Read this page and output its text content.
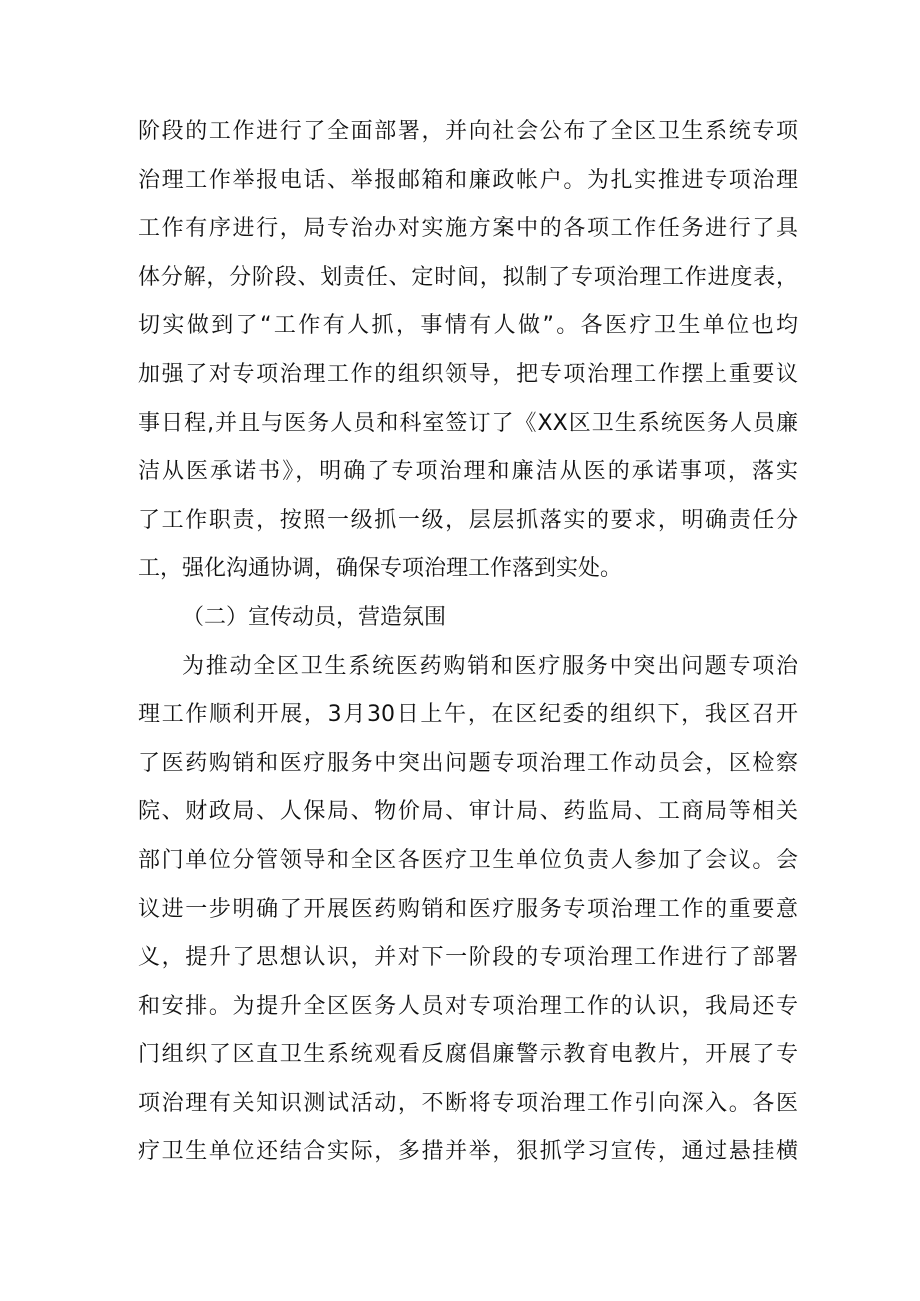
阶段的工作进行了全面部署，并向社会公布了全区卫生系统专项
治理工作举报电话、举报邮箱和廉政帐户。为扎实推进专项治理
工作有序进行，局专治办对实施方案中的各项工作任务进行了具
体分解，分阶段、划责任、定时间，拟制了专项治理工作进度表，
切实做到了“工作有人抓，事情有人做”。各医疗卫生单位也均
加强了对专项治理工作的组织领导，把专项治理工作摆上重要议
事日程,并且与医务人员和科室签订了《XX区卫生系统医务人员廉
洁从医承诺书》，明确了专项治理和廉洁从医的承诺事项，落实
了工作职责，按照一级抓一级，层层抓落实的要求，明确责任分
工，强化沟通协调，确保专项治理工作落到实处。
（二）宣传动员，营造氛围
为推动全区卫生系统医药购销和医疗服务中突出问题专项治
理工作顺利开展，3月30日上午，在区纪委的组织下，我区召开
了医药购销和医疗服务中突出问题专项治理工作动员会，区检察
院、财政局、人保局、物价局、审计局、药监局、工商局等相关
部门单位分管领导和全区各医疗卫生单位负责人参加了会议。会
议进一步明确了开展医药购销和医疗服务专项治理工作的重要意
义，提升了思想认识，并对下一阶段的专项治理工作进行了部署
和安排。为提升全区医务人员对专项治理工作的认识，我局还专
门组织了区直卫生系统观看反腐倡廉警示教育电教片，开展了专
项治理有关知识测试活动，不断将专项治理工作引向深入。各医
疗卫生单位还结合实际，多措并举，狠抓学习宣传，通过悬挂横
